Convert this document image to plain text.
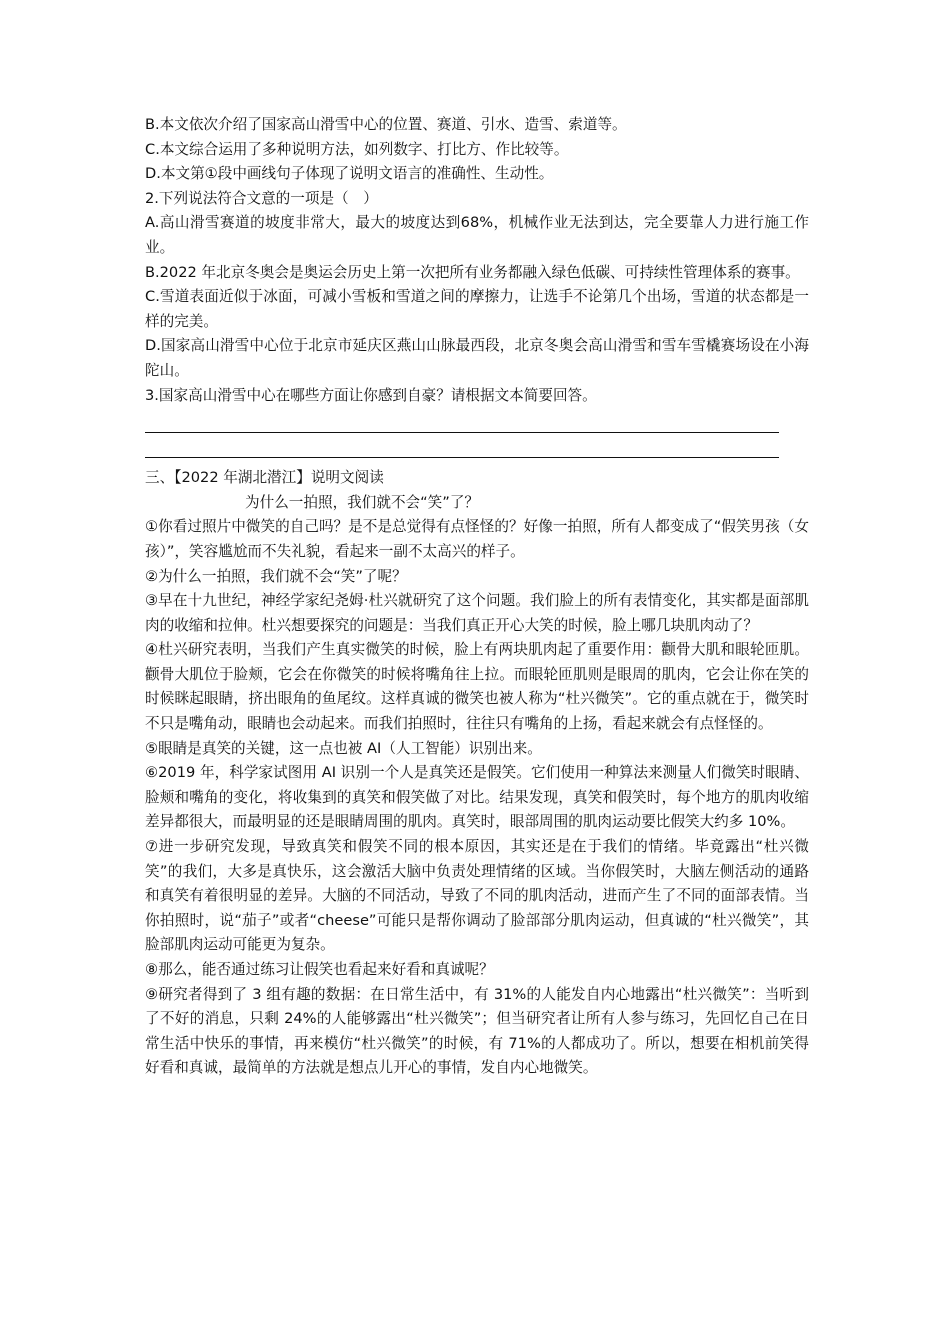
B.本文依次介绍了国家高山滑雪中心的位置、赛道、引水、造雪、索道等。

C.本文综合运用了多种说明方法，如列数字、打比方、作比较等。

D.本文第①段中画线句子体现了说明文语言的准确性、生动性。

2.下列说法符合文意的一项是（　）

A.高山滑雪赛道的坡度非常大，最大的坡度达到68%，机械作业无法到达，完全要靠人力进行施工作业。

B.2022 年北京冬奥会是奥运会历史上第一次把所有业务都融入绿色低碳、可持续性管理体系的赛事。

C.雪道表面近似于冰面，可减小雪板和雪道之间的摩擦力，让选手不论第几个出场，雪道的状态都是一样的完美。

D.国家高山滑雪中心位于北京市延庆区燕山山脉最西段，北京冬奥会高山滑雪和雪车雪橇赛场设在小海陀山。

3.国家高山滑雪中心在哪些方面让你感到自豪？请根据文本简要回答。

三、【2022 年湖北潜江】说明文阅读

为什么一拍照，我们就不会“笑”了？

①你看过照片中微笑的自己吗？是不是总觉得有点怪怪的？好像一拍照，所有人都变成了“假笑男孩（女孩）”，笑容尴尬而不失礼貌，看起来一副不太高兴的样子。

②为什么一拍照，我们就不会“笑”了呢？

③早在十九世纪，神经学家纪尧姆·杜兴就研究了这个问题。我们脸上的所有表情变化，其实都是面部肌肉的收缩和拉伸。杜兴想要探究的问题是：当我们真正开心大笑的时候，脸上哪几块肌肉动了？

④杜兴研究表明，当我们产生真实微笑的时候，脸上有两块肌肉起了重要作用：颧骨大肌和眼轮匝肌。颧骨大肌位于脸颊，它会在你微笑的时候将嘴角往上拉。而眼轮匝肌则是眼周的肌肉，它会让你在笑的时候眯起眼睛，挤出眼角的鱼尾纹。这样真诚的微笑也被人称为“杜兴微笑”。它的重点就在于，微笑时不只是嘴角动，眼睛也会动起来。而我们拍照时，往往只有嘴角的上扬，看起来就会有点怪怪的。

⑤眼睛是真笑的关键，这一点也被 AI（人工智能）识别出来。

⑥2019 年，科学家试图用 AI 识别一个人是真笑还是假笑。它们使用一种算法来测量人们微笑时眼睛、脸颊和嘴角的变化，将收集到的真笑和假笑做了对比。结果发现，真笑和假笑时，每个地方的肌肉收缩差异都很大，而最明显的还是眼睛周围的肌肉。真笑时，眼部周围的肌肉运动要比假笑大约多 10%。

⑦进一步研究发现，导致真笑和假笑不同的根本原因，其实还是在于我们的情绪。毕竟露出“杜兴微笑”的我们，大多是真快乐，这会激活大脑中负责处理情绪的区域。当你假笑时，大脑左侧活动的通路和真笑有着很明显的差异。大脑的不同活动，导致了不同的肌肉活动，进而产生了不同的面部表情。当你拍照时，说“茄子”或者“cheese”可能只是帮你调动了脸部部分肌肉运动，但真诚的“杜兴微笑”，其脸部肌肉运动可能更为复杂。

⑧那么，能否通过练习让假笑也看起来好看和真诚呢？

⑨研究者得到了 3 组有趣的数据：在日常生活中，有 31%的人能发自内心地露出“杜兴微笑”：当听到了不好的消息，只剩 24%的人能够露出“杜兴微笑”；但当研究者让所有人参与练习，先回忆自己在日常生活中快乐的事情，再来模仿“杜兴微笑”的时候，有 71%的人都成功了。所以，想要在相机前笑得好看和真诚，最简单的方法就是想点儿开心的事情，发自内心地微笑。
